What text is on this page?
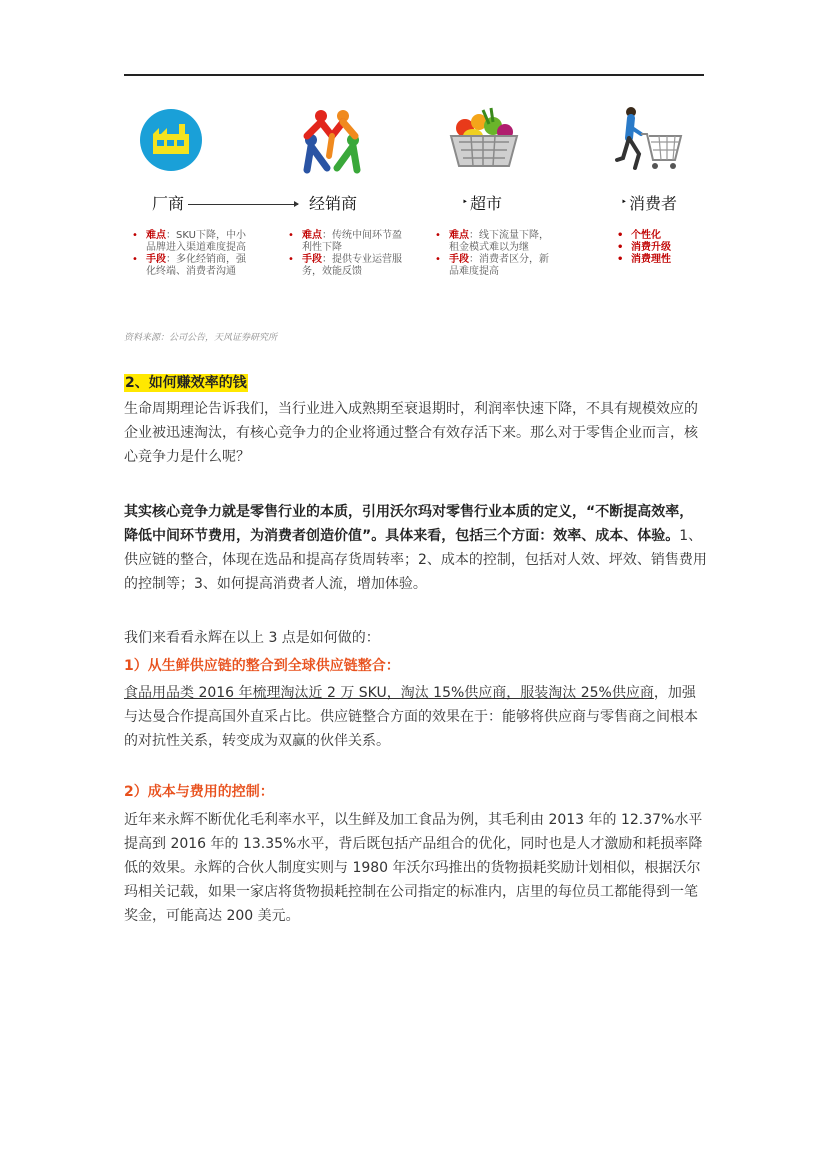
厂商	经销商	‣ 超市	‣ 消费者
• 难点：SKU下降，中小品牌进入渠道难度提高
• 手段：多化经销商，强化终端、消费者沟通
• 难点：传统中间环节盈利性下降
• 手段：提供专业运营服务，效能反馈
• 难点：线下流量下降，租金模式难以为继
• 手段：消费者区分，新品难度提高
• 个性化
• 消费升级
• 消费理性
资料来源：公司公告，天风证券研究所
2、如何赚效率的钱

生命周期理论告诉我们，当行业进入成熟期至衰退期时，利润率快速下降，不具有规模效应的企业被迅速淘汰，有核心竞争力的企业将通过整合有效存活下来。那么对于零售企业而言，核心竞争力是什么呢？

其实核心竞争力就是零售行业的本质，引用沃尔玛对零售行业本质的定义，“不断提高效率，降低中间环节费用，为消费者创造价值”。具体来看，包括三个方面：效率、成本、体验。1、供应链的整合，体现在选品和提高存货周转率；2、成本的控制，包括对人效、坪效、销售费用的控制等；3、如何提高消费者人流，增加体验。

我们来看看永辉在以上 3 点是如何做的：

1）从生鲜供应链的整合到全球供应链整合：

食品用品类 2016 年梳理淘汰近 2 万 SKU，淘汰 15%供应商，服装淘汰 25%供应商，加强与达曼合作提高国外直采占比。供应链整合方面的效果在于：能够将供应商与零售商之间根本的对抗性关系，转变成为双赢的伙伴关系。

2）成本与费用的控制：

近年来永辉不断优化毛利率水平，以生鲜及加工食品为例，其毛利由 2013 年的 12.37%水平提高到 2016 年的 13.35%水平，背后既包括产品组合的优化，同时也是人才激励和耗损率降低的效果。永辉的合伙人制度实则与 1980 年沃尔玛推出的货物损耗奖励计划相似，根据沃尔玛相关记载，如果一家店将货物损耗控制在公司指定的标准内，店里的每位员工都能得到一笔奖金，可能高达 200 美元。
